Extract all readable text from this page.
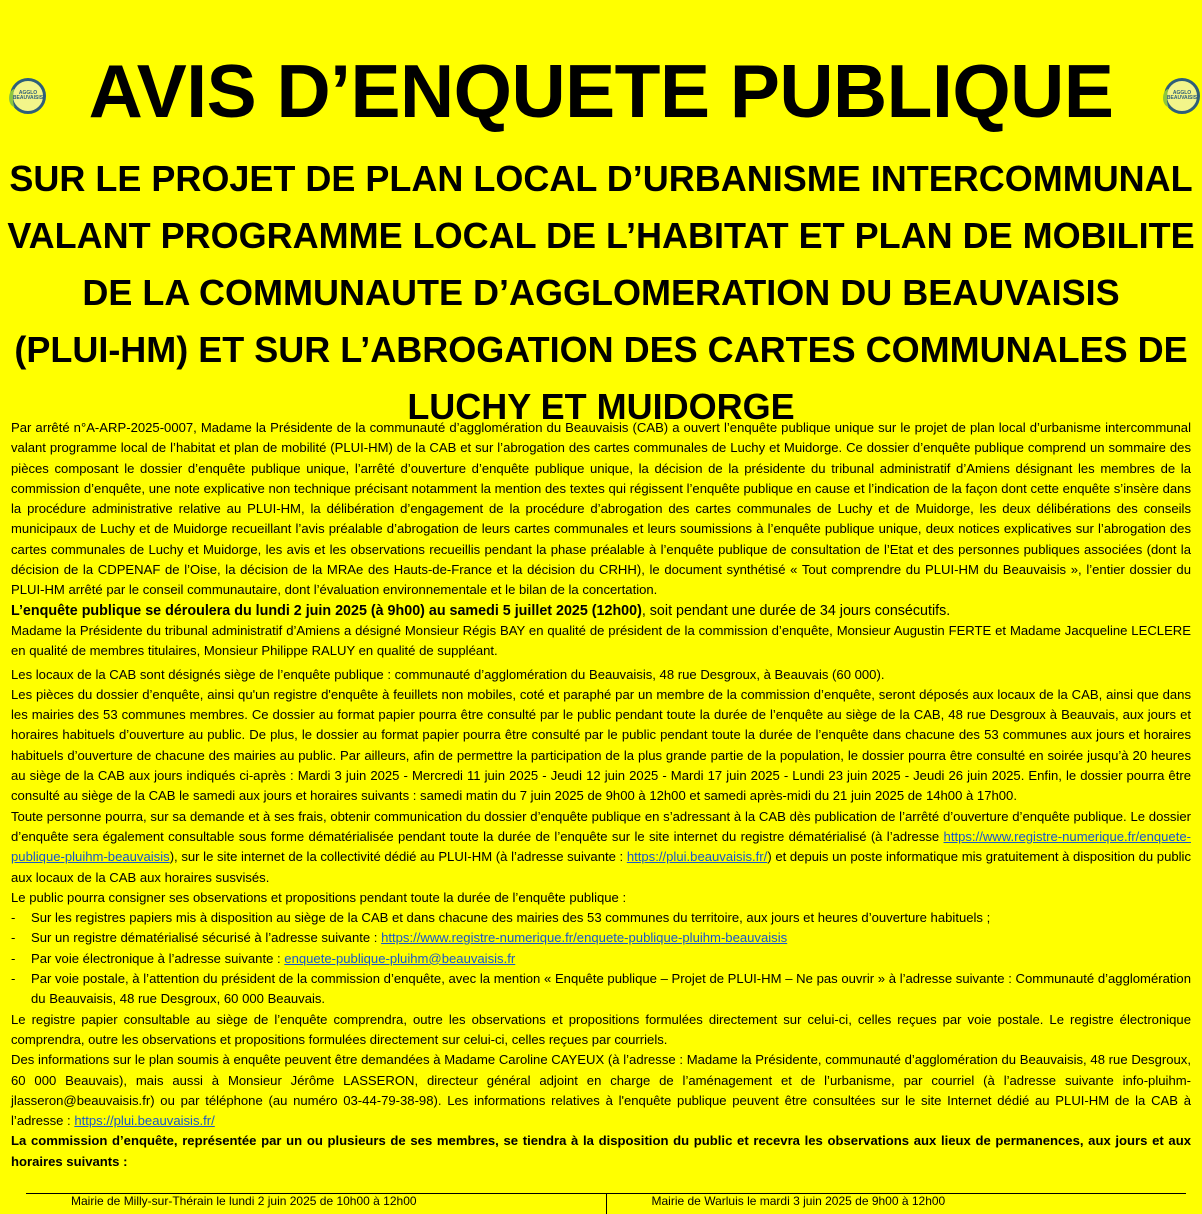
AGGLO BEAUVAISIS AVIS D’ENQUETE PUBLIQUE	AGGLO BEAUVAISIS
SUR LE PROJET DE PLAN LOCAL D’URBANISME INTERCOMMUNAL
VALANT PROGRAMME LOCAL DE L’HABITAT ET PLAN DE MOBILITE
DE LA COMMUNAUTE D’AGGLOMERATION DU BEAUVAISIS
(PLUI-HM) ET SUR L’ABROGATION DES CARTES COMMUNALES DE
LUCHY ET MUIDORGE

Par arrêté n°A-ARP-2025-0007, Madame la Présidente de la communauté d’agglomération du Beauvaisis (CAB) a ouvert l’enquête publique unique sur le projet de plan local d’urbanisme intercommunal valant programme local de l’habitat et plan de mobilité (PLUI-HM) de la CAB et sur l’abrogation des cartes communales de Luchy et Muidorge. Ce dossier d’enquête publique comprend un sommaire des pièces composant le dossier d’enquête publique unique, l’arrêté d’ouverture d’enquête publique unique, la décision de la présidente du tribunal administratif d’Amiens désignant les membres de la commission d’enquête, une note explicative non technique précisant notamment la mention des textes qui régissent l’enquête publique en cause et l’indication de la façon dont cette enquête s’insère dans la procédure administrative relative au PLUI-HM, la délibération d’engagement de la procédure d’abrogation des cartes communales de Luchy et de Muidorge, les deux délibérations des conseils municipaux de Luchy et de Muidorge recueillant l’avis préalable d’abrogation de leurs cartes communales et leurs soumissions à l’enquête publique unique, deux notices explicatives sur l’abrogation des cartes communales de Luchy et Muidorge, les avis et les observations recueillis pendant la phase préalable à l’enquête publique de consultation de l’Etat et des personnes publiques associées (dont la décision de la CDPENAF de l’Oise, la décision de la MRAe des Hauts-de-France et la décision du CRHH), le document synthétisé « Tout comprendre du PLUI-HM du Beauvaisis », l’entier dossier du PLUI-HM arrêté par le conseil communautaire, dont l’évaluation environnementale et le bilan de la concertation.

L’enquête publique se déroulera du lundi 2 juin 2025 (à 9h00) au samedi 5 juillet 2025 (12h00), soit pendant une durée de 34 jours consécutifs.

Madame la Présidente du tribunal administratif d’Amiens a désigné Monsieur Régis BAY en qualité de président de la commission d’enquête, Monsieur Augustin FERTE et Madame Jacqueline LECLERE en qualité de membres titulaires, Monsieur Philippe RALUY en qualité de suppléant.

Les locaux de la CAB sont désignés siège de l’enquête publique : communauté d’agglomération du Beauvaisis, 48 rue Desgroux, à Beauvais (60 000).

Les pièces du dossier d’enquête, ainsi qu'un registre d'enquête à feuillets non mobiles, coté et paraphé par un membre de la commission d’enquête, seront déposés aux locaux de la CAB, ainsi que dans les mairies des 53 communes membres. Ce dossier au format papier pourra être consulté par le public pendant toute la durée de l’enquête au siège de la CAB, 48 rue Desgroux à Beauvais, aux jours et horaires habituels d’ouverture au public. De plus, le dossier au format papier pourra être consulté par le public pendant toute la durée de l’enquête dans chacune des 53 communes aux jours et horaires habituels d’ouverture de chacune des mairies au public. Par ailleurs, afin de permettre la participation de la plus grande partie de la population, le dossier pourra être consulté en soirée jusqu’à 20 heures au siège de la CAB aux jours indiqués ci-après : Mardi 3 juin 2025 - Mercredi 11 juin 2025 - Jeudi 12 juin 2025 - Mardi 17 juin 2025 - Lundi 23 juin 2025 - Jeudi 26 juin 2025. Enfin, le dossier pourra être consulté au siège de la CAB le samedi aux jours et horaires suivants : samedi matin du 7 juin 2025 de 9h00 à 12h00 et samedi après-midi du 21 juin 2025 de 14h00 à 17h00.

Toute personne pourra, sur sa demande et à ses frais, obtenir communication du dossier d’enquête publique en s’adressant à la CAB dès publication de l’arrêté d’ouverture d’enquête publique. Le dossier d’enquête sera également consultable sous forme dématérialisée pendant toute la durée de l’enquête sur le site internet du registre dématérialisé (à l’adresse https://www.registre-numerique.fr/enquete-publique-pluihm-beauvaisis), sur le site internet de la collectivité dédié au PLUI-HM (à l’adresse suivante : https://plui.beauvaisis.fr/) et depuis un poste informatique mis gratuitement à disposition du public aux locaux de la CAB aux horaires susvisés.

Le public pourra consigner ses observations et propositions pendant toute la durée de l’enquête publique :

-	Sur les registres papiers mis à disposition au siège de la CAB et dans chacune des mairies des 53 communes du territoire, aux jours et heures d’ouverture habituels ;
-	Sur un registre dématérialisé sécurisé à l’adresse suivante : https://www.registre-numerique.fr/enquete-publique-pluihm-beauvaisis
-	Par voie électronique à l’adresse suivante : enquete-publique-pluihm@beauvaisis.fr
-	Par voie postale, à l’attention du président de la commission d’enquête, avec la mention « Enquête publique – Projet de PLUI-HM – Ne pas ouvrir » à l’adresse suivante : Communauté d’agglomération du Beauvaisis, 48 rue Desgroux, 60 000 Beauvais.

Le registre papier consultable au siège de l’enquête comprendra, outre les observations et propositions formulées directement sur celui-ci, celles reçues par voie postale. Le registre électronique comprendra, outre les observations et propositions formulées directement sur celui-ci, celles reçues par courriels.

Des informations sur le plan soumis à enquête peuvent être demandées à Madame Caroline CAYEUX (à l’adresse : Madame la Présidente, communauté d’agglomération du Beauvaisis, 48 rue Desgroux, 60 000 Beauvais), mais aussi à Monsieur Jérôme LASSERON, directeur général adjoint en charge de l’aménagement et de l’urbanisme, par courriel (à l’adresse suivante info-pluihm-jlasseron@beauvaisis.fr) ou par téléphone (au numéro 03-44-79-38-98). Les informations relatives à l'enquête publique peuvent être consultées sur le site Internet dédié au PLUI-HM de la CAB à l’adresse : https://plui.beauvaisis.fr/

La commission d’enquête, représentée par un ou plusieurs de ses membres, se tiendra à la disposition du public et recevra les observations aux lieux de permanences, aux jours et aux horaires suivants :

Mairie de Milly-sur-Thérain le lundi 2 juin 2025 de 10h00 à 12h00	Mairie de Warluis le mardi 3 juin 2025 de 9h00 à 12h00
